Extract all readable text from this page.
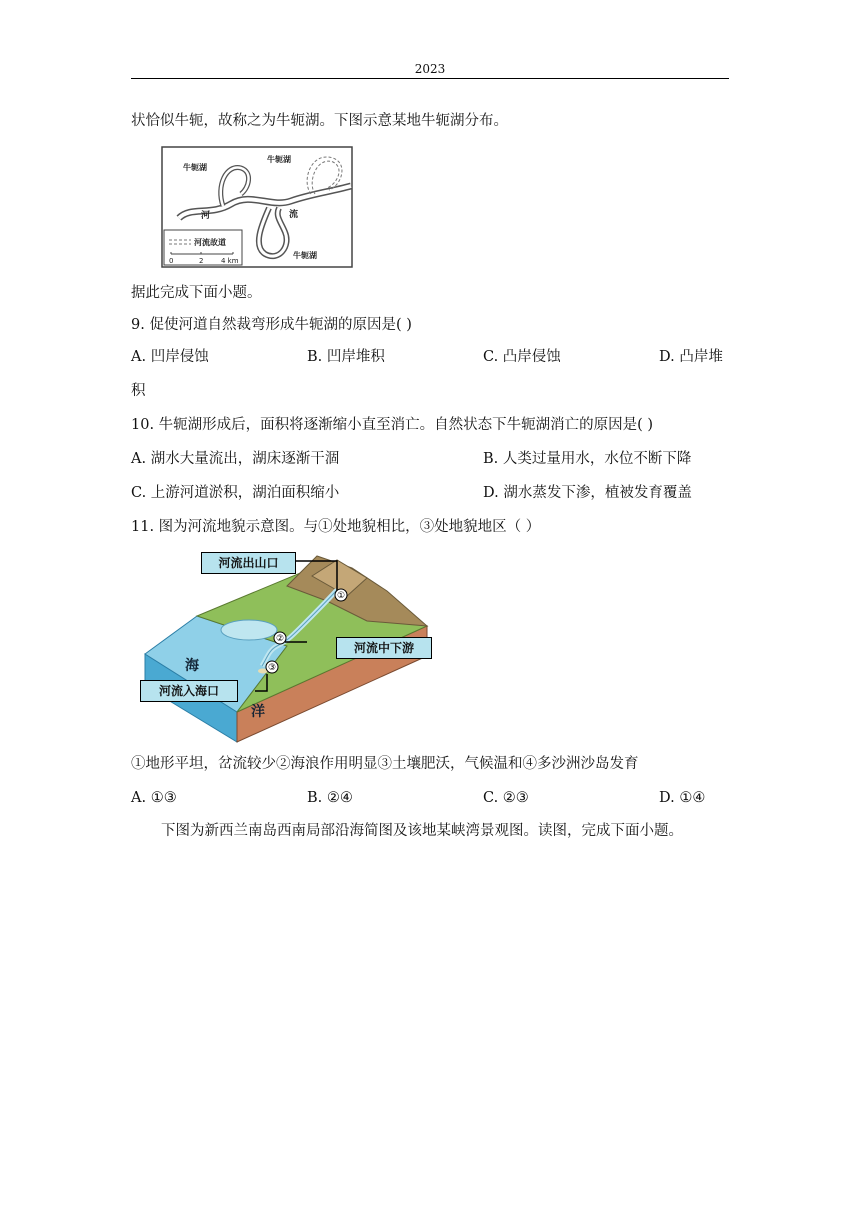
2023
状恰似牛轭，故称之为牛轭湖。下图示意某地牛轭湖分布。
牛轭湖
牛轭湖
牛轭湖
河	流
河流故道
0	2	4 km
据此完成下面小题。
9. 促使河道自然裁弯形成牛轭湖的原因是( )
A. 凹岸侵蚀	B. 凹岸堆积	C. 凸岸侵蚀	D. 凸岸堆
积
10. 牛轭湖形成后，面积将逐渐缩小直至消亡。自然状态下牛轭湖消亡的原因是( )
A. 湖水大量流出，湖床逐渐干涸	B. 人类过量用水，水位不断下降
C. 上游河道淤积，湖泊面积缩小	D. 湖水蒸发下渗，植被发育覆盖
11. 图为河流地貌示意图。与①处地貌相比，③处地貌地区（ ）
①
②
③
海
洋
河流出山口
河流中下游
河流入海口
①地形平坦，岔流较少②海浪作用明显③土壤肥沃，气候温和④多沙洲沙岛发育
A. ①③	B. ②④	C. ②③	D. ①④
下图为新西兰南岛西南局部沿海简图及该地某峡湾景观图。读图，完成下面小题。
